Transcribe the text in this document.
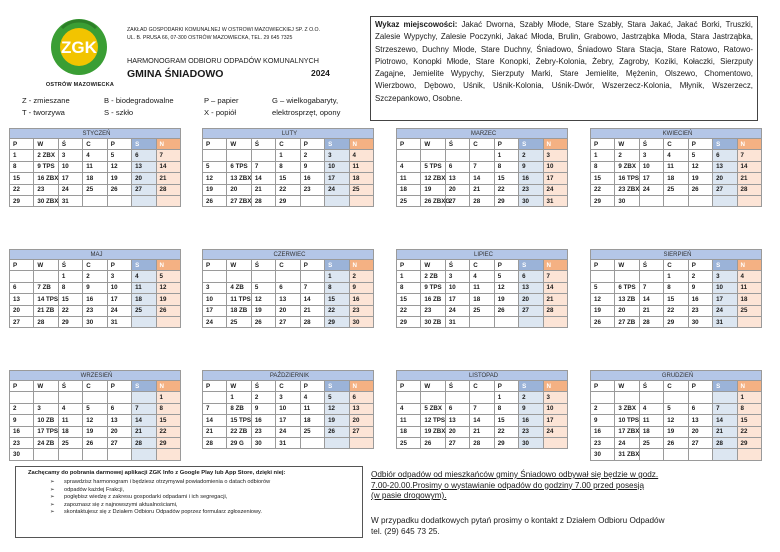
ZGK
OSTRÓW MAZOWIECKA
ZAKŁAD GOSPODARKI KOMUNALNEJ W OSTROWI MAZOWIECKIEJ SP. Z O.O.
UL. B. PRUSA 66, 07-300 OSTRÓW MAZOWIECKA, TEL. 29 645 7325
HARMONOGRAM ODBIORU ODPADÓW KOMUNALNYCH
GMINA ŚNIADOWO	2024
Z - zmieszane	B - biodegradowalne	P – papier	G – wielkogabaryty,
T - tworzywa	S - szkło	X - popiół	elektrosprzęt, opony
Wykaz miejscowości: Jakać Dworna, Szabły Młode, Stare Szabły, Stara Jakać, Jakać Borki, Truszki, Zalesie Wypychy, Zalesie Poczynki, Jakać Młoda, Brulin, Grabowo, Jastrząbka Młoda, Stara Jastrząbka, Strzeszewo, Duchny Młode, Stare Duchny, Śniadowo, Śniadowo Stara Stacja, Stare Ratowo, Ratowo-Piotrowo, Konopki Młode, Stare Konopki, Żebry-Kolonia, Żebry, Zagroby, Koziki, Kołaczki, Sierzputy Zagajne, Jemielite Wypychy, Sierzputy Marki, Stare Jemielite, Mężenin, Olszewo, Chomentowo, Wierzbowo, Dębowo, Uśnik, Uśnik-Kolonia, Uśnik-Dwór, Wszerzecz-Kolonia, Młynik, Wszerzecz, Szczepankowo, Osobne.
STYCZEŃ						
P	W	Ś	C	P	S	N
1	2 ZBX	3	4	5	6	7
8	9 TPS	10	11	12	13	14
15	16 ZBX	17	18	19	20	21
22	23	24	25	26	27	28
29	30 ZBX	31				
LUTY						
P	W	Ś	C	P	S	N
			1	2	3	4
5	6 TPS	7	8	9	10	11
12	13 ZBX	14	15	16	17	18
19	20	21	22	23	24	25
26	27 ZBX	28	29			
MARZEC						
P	W	Ś	C	P	S	N
				1	2	3
4	5 TPS	6	7	8	9	10
11	12 ZBX	13	14	15	16	17
18	19	20	21	22	23	24
25	26 ZBXG	27	28	29	30	31
KWIECIEŃ						
P	W	Ś	C	P	S	N
1	2	3	4	5	6	7
8	9 ZBX	10	11	12	13	14
15	16 TPS	17	18	19	20	21
22	23 ZBX	24	25	26	27	28
29	30					
MAJ						
P	W	Ś	C	P	S	N
		1	2	3	4	5
6	7 ZB	8	9	10	11	12
13	14 TPS	15	16	17	18	19
20	21 ZB	22	23	24	25	26
27	28	29	30	31		
CZERWIEC						
P	W	Ś	C	P	S	N
					1	2
3	4 ZB	5	6	7	8	9
10	11 TPS	12	13	14	15	16
17	18 ZB	19	20	21	22	23
24	25	26	27	28	29	30
LIPIEC						
P	W	Ś	C	P	S	N
1	2 ZB	3	4	5	6	7
8	9 TPS	10	11	12	13	14
15	16 ZB	17	18	19	20	21
22	23	24	25	26	27	28
29	30 ZB	31				
SIERPIEŃ						
P	W	Ś	C	P	S	N
			1	2	3	4
5	6 TPS	7	8	9	10	11
12	13 ZB	14	15	16	17	18
19	20	21	22	23	24	25
26	27 ZB	28	29	30	31	
WRZESIEŃ						
P	W	Ś	C	P	S	N
						1
2	3	4	5	6	7	8
9	10 ZB	11	12	13	14	15
16	17 TPS	18	19	20	21	22
23	24 ZB	25	26	27	28	29
30						
PAŹDZIERNIK						
P	W	Ś	C	P	S	N
	1	2	3	4	5	6
7	8 ZB	9	10	11	12	13
14	15 TPS	16	17	18	19	20
21	22 ZB	23	24	25	26	27
28	29 G	30	31			
LISTOPAD						
P	W	Ś	C	P	S	N
				1	2	3
4	5 ZBX	6	7	8	9	10
11	12 TPS	13	14	15	16	17
18	19 ZBX	20	21	22	23	24
25	26	27	28	29	30	
GRUDZIEŃ						
P	W	Ś	C	P	S	N
						1
2	3 ZBX	4	5	6	7	8
9	10 TPS	11	12	13	14	15
16	17 ZBX	18	19	20	21	22
23	24	25	26	27	28	29
30	31 ZBX					
Zachęcamy do pobrania darmowej aplikacji ZGK Info z Google Play lub App Store, dzięki niej:
➢ sprawdzisz harmonogram i będziesz otrzymywał powiadomienia o datach odbiorów
➢ odpadów każdej Frakcji,
➢ pogłębisz wiedzę z zakresu gospodarki odpadami i ich segregacji,
➢ zapoznasz się z najnowszymi aktualnościami,
➢ skontaktujesz się z Działem Odbioru Odpadów poprzez formularz zgłoszeniowy.
Odbiór odpadów od mieszkańców gminy Śniadowo odbywał się będzie w godz.
7.00-20.00.Prosimy o wystawianie odpadów do godziny 7.00 przed posesją
(w pasie drogowym).
W przypadku dodatkowych pytań prosimy o kontakt z Działem Odbioru Odpadów
tel. (29) 645 73 25.
